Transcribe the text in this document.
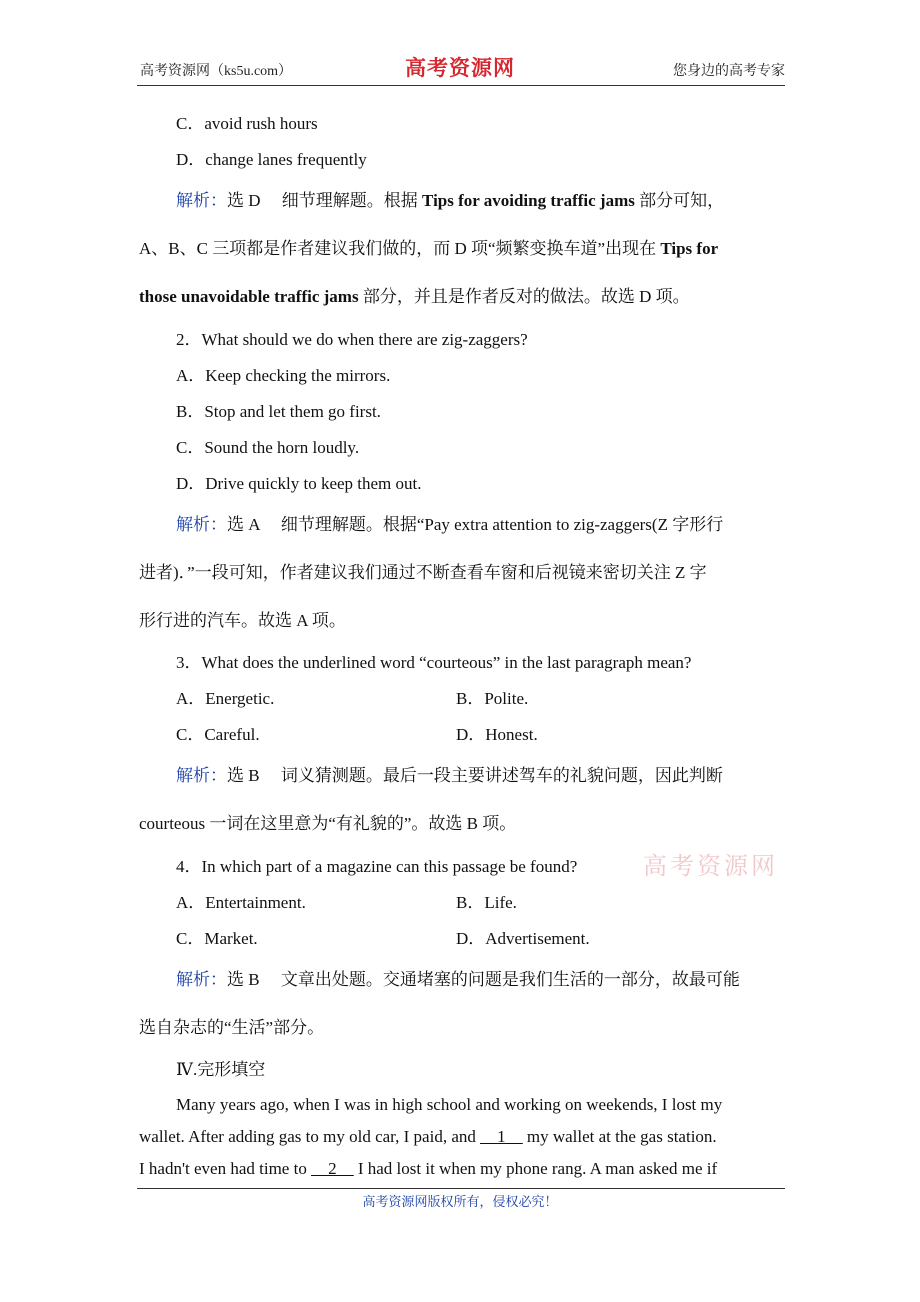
高考资源网（ks5u.com）	高考资源网	您身边的高考专家
C．avoid rush hours
D．change lanes frequently
解析：选 D　 细节理解题。根据 Tips for avoiding traffic jams 部分可知，
A、B、C 三项都是作者建议我们做的，而 D 项“频繁变换车道”出现在 Tips for
those unavoidable traffic jams 部分，并且是作者反对的做法。故选 D 项。
2．What should we do when there are zig-zaggers?
A．Keep checking the mirrors.
B．Stop and let them go first.
C．Sound the horn loudly.
D．Drive quickly to keep them out.
解析：选 A　 细节理解题。根据“Pay extra attention to zig-zaggers(Z 字形行
进者)．”一段可知，作者建议我们通过不断查看车窗和后视镜来密切关注 Z 字
形行进的汽车。故选 A 项。
3．What does the underlined word “courteous” in the last paragraph mean?
A．Energetic.	B．Polite.
C．Careful.	D．Honest.
解析：选 B　 词义猜测题。最后一段主要讲述驾车的礼貌问题，因此判断
courteous 一词在这里意为“有礼貌的”。故选 B 项。
4．In which part of a magazine can this passage be found?	高考资源网
A．Entertainment.	B．Life.
C．Market.	D．Advertisement.
解析：选 B　 文章出处题。交通堵塞的问题是我们生活的一部分，故最可能
选自杂志的“生活”部分。
Ⅳ.完形填空
Many years ago, when I was in high school and working on weekends, I lost my
wallet. After adding gas to my old car, I paid, and __1__ my wallet at the gas station.
I hadn't even had time to __2__ I had lost it when my phone rang. A man asked me if
高考资源网版权所有，侵权必究！
